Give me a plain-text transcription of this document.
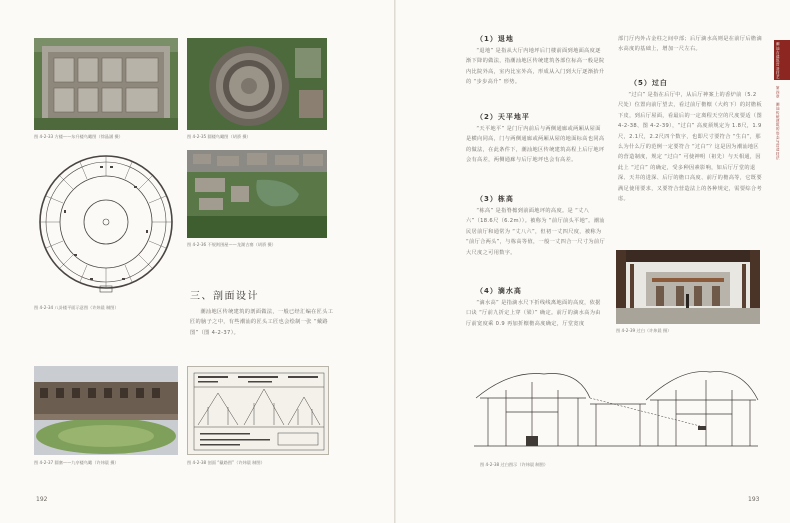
图 4-2-33 方楼——东升楼鸟瞰图（徐晶涵 摄）	图 4-2-35 圆楼鸟瞰图（胡骄 摄）
图 4-2-34 八卦楼平面示意图（许炜晨 制图）
图 4-2-36 不规则围屋——龙湖古寨（胡骄 摄）
三、剖面设计

潮汕地区传统建筑的剖面做法，一般已经汇编在匠头工匠的脑子之中，有些潮汕的匠头工匠也会绘制一张 “戴路图”（图 4-2-37）。

图 4-2-37 圆寨——九亭楼鸟瞰（许炜晨 摄）	图 4-2-38 剖面 “戴路图”（许炜晨 制图）
192
（1）退地

“退地” 是指从大厅内地坪后门楼前面到地面高度逐渐下降的做法，指潮汕地区传统建筑各部位标高一般是院内比院外高，室内比室外高，形成从入门到大厅逐渐抬升的 “步步高升” 形势。

（2）天平地平

“天平地平” 是门厅内前后与两侧通廊或两厢从屋面是横向同高，门与两侧通廊或两厢从屋的地面标高也同高的做法，在此条件下，潮汕地区传统建筑高程上后厅地坪会有高差，两侧通廊与后厅地坪也会有高差。

（3）栋高

“栋高” 是指脊檩到前面地坪的高度。是 “丈八六”（18.6尺（6.2m））。被称为 “前厅前头平地”。潮汕民居前厅和通常为 “丈八六”，但初一丈四尺度，被称为 “前厅合两头”，与栋高等值，一般一丈四合一尺寸为前厅大尺度之可用数字。

（4）滴水高

“滴水高” 是指滴水尺下折线线离地面的高度，依据口诀 “厅前九折定上穿（梁）” 确定。前厅的滴水高为由厅前宽度乘 0.9 再加折檩檐高度确定，厅堂宽度

部门厅内外占金柱之间中部；后厅滴水高则是在前厅后檐滴水高度的基础上，增加一尺左右。

（5）过白

“过白” 是指在后厅中，从后厅神案上的香炉前（5.2尺处）位置向前厅望去，看过前厅檐檩（大约下）的封檐板下皮，到后厅屋面，看最后的一定离程天空的尺度要适（图 4-2-38、图 4-2-39），“过白” 高度须规定为 1.8尺，1.9尺，2.1尺，2.2尺四个数字，也即尺寸要符合 “生白”，那么为什么厅的范例一定要符合 “过白”？这是因为潮汕地区的营造制度，规定 “过白” 可使神明（祖先）与天相通，因此上 “过白” 的确定，受多种因素影响，如后厅厅堂的退深、天井的进深、后厅的檐口高度、前厅的檐高等，它既要满足使用要求，又要符合营造法上的各种规定，需要综合考虑。

图 4-2-39 过白（许炜晨 摄）
图 4-2-38 过白图示（许炜晨 制图）
193
潮汕古建筑营造技艺
第四章　潮汕传统建筑的形态与营造技法
